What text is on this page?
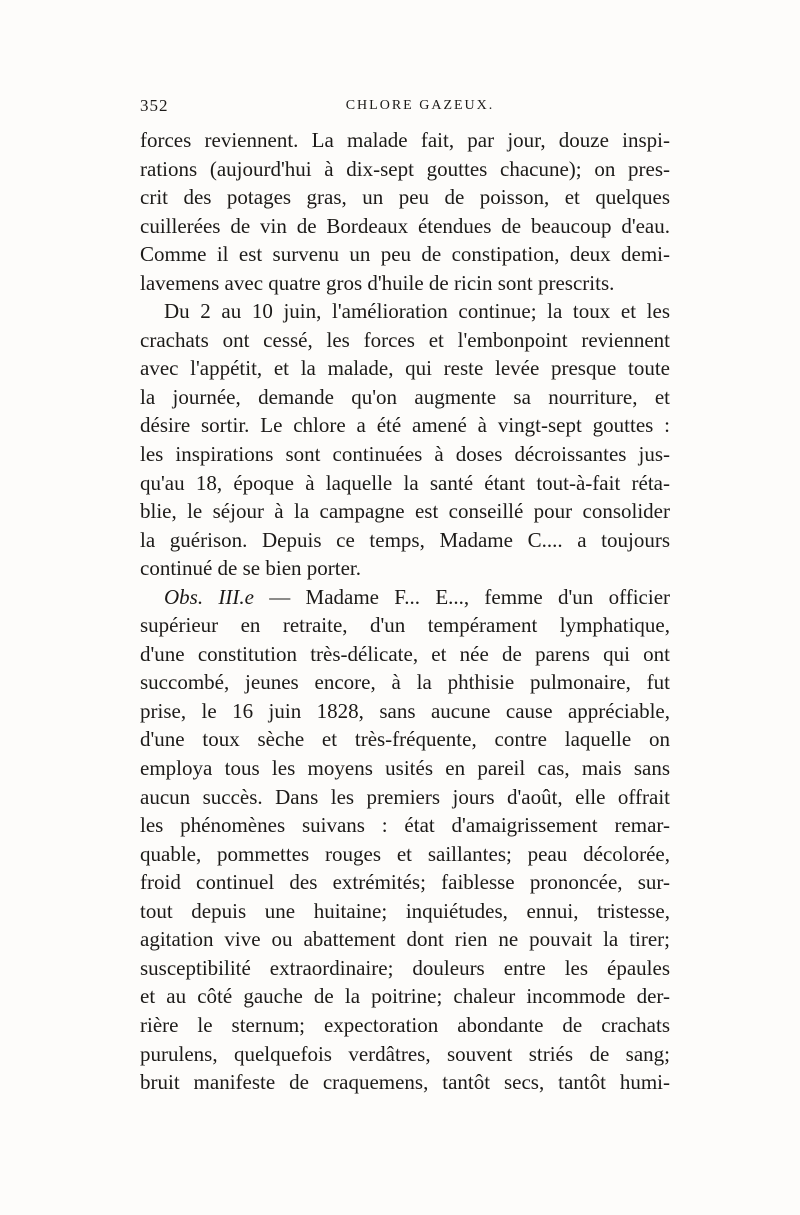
352	CHLORE GAZEUX.
forces reviennent. La malade fait, par jour, douze inspi-
rations (aujourd'hui à dix-sept gouttes chacune); on pres-
crit des potages gras, un peu de poisson, et quelques
cuillerées de vin de Bordeaux étendues de beaucoup d'eau.
Comme il est survenu un peu de constipation, deux demi-
lavemens avec quatre gros d'huile de ricin sont prescrits.
Du 2 au 10 juin, l'amélioration continue; la toux et les
crachats ont cessé, les forces et l'embonpoint reviennent
avec l'appétit, et la malade, qui reste levée presque toute
la journée, demande qu'on augmente sa nourriture, et
désire sortir. Le chlore a été amené à vingt-sept gouttes :
les inspirations sont continuées à doses décroissantes jus-
qu'au 18, époque à laquelle la santé étant tout-à-fait réta-
blie, le séjour à la campagne est conseillé pour consolider
la guérison. Depuis ce temps, Madame C.... a toujours
continué de se bien porter.
Obs. III.e — Madame F... E..., femme d'un officier
supérieur en retraite, d'un tempérament lymphatique,
d'une constitution très-délicate, et née de parens qui ont
succombé, jeunes encore, à la phthisie pulmonaire, fut
prise, le 16 juin 1828, sans aucune cause appréciable,
d'une toux sèche et très-fréquente, contre laquelle on
employa tous les moyens usités en pareil cas, mais sans
aucun succès. Dans les premiers jours d'août, elle offrait
les phénomènes suivans : état d'amaigrissement remar-
quable, pommettes rouges et saillantes; peau décolorée,
froid continuel des extrémités; faiblesse prononcée, sur-
tout depuis une huitaine; inquiétudes, ennui, tristesse,
agitation vive ou abattement dont rien ne pouvait la tirer;
susceptibilité extraordinaire; douleurs entre les épaules
et au côté gauche de la poitrine; chaleur incommode der-
rière le sternum; expectoration abondante de crachats
purulens, quelquefois verdâtres, souvent striés de sang;
bruit manifeste de craquemens, tantôt secs, tantôt humi-
